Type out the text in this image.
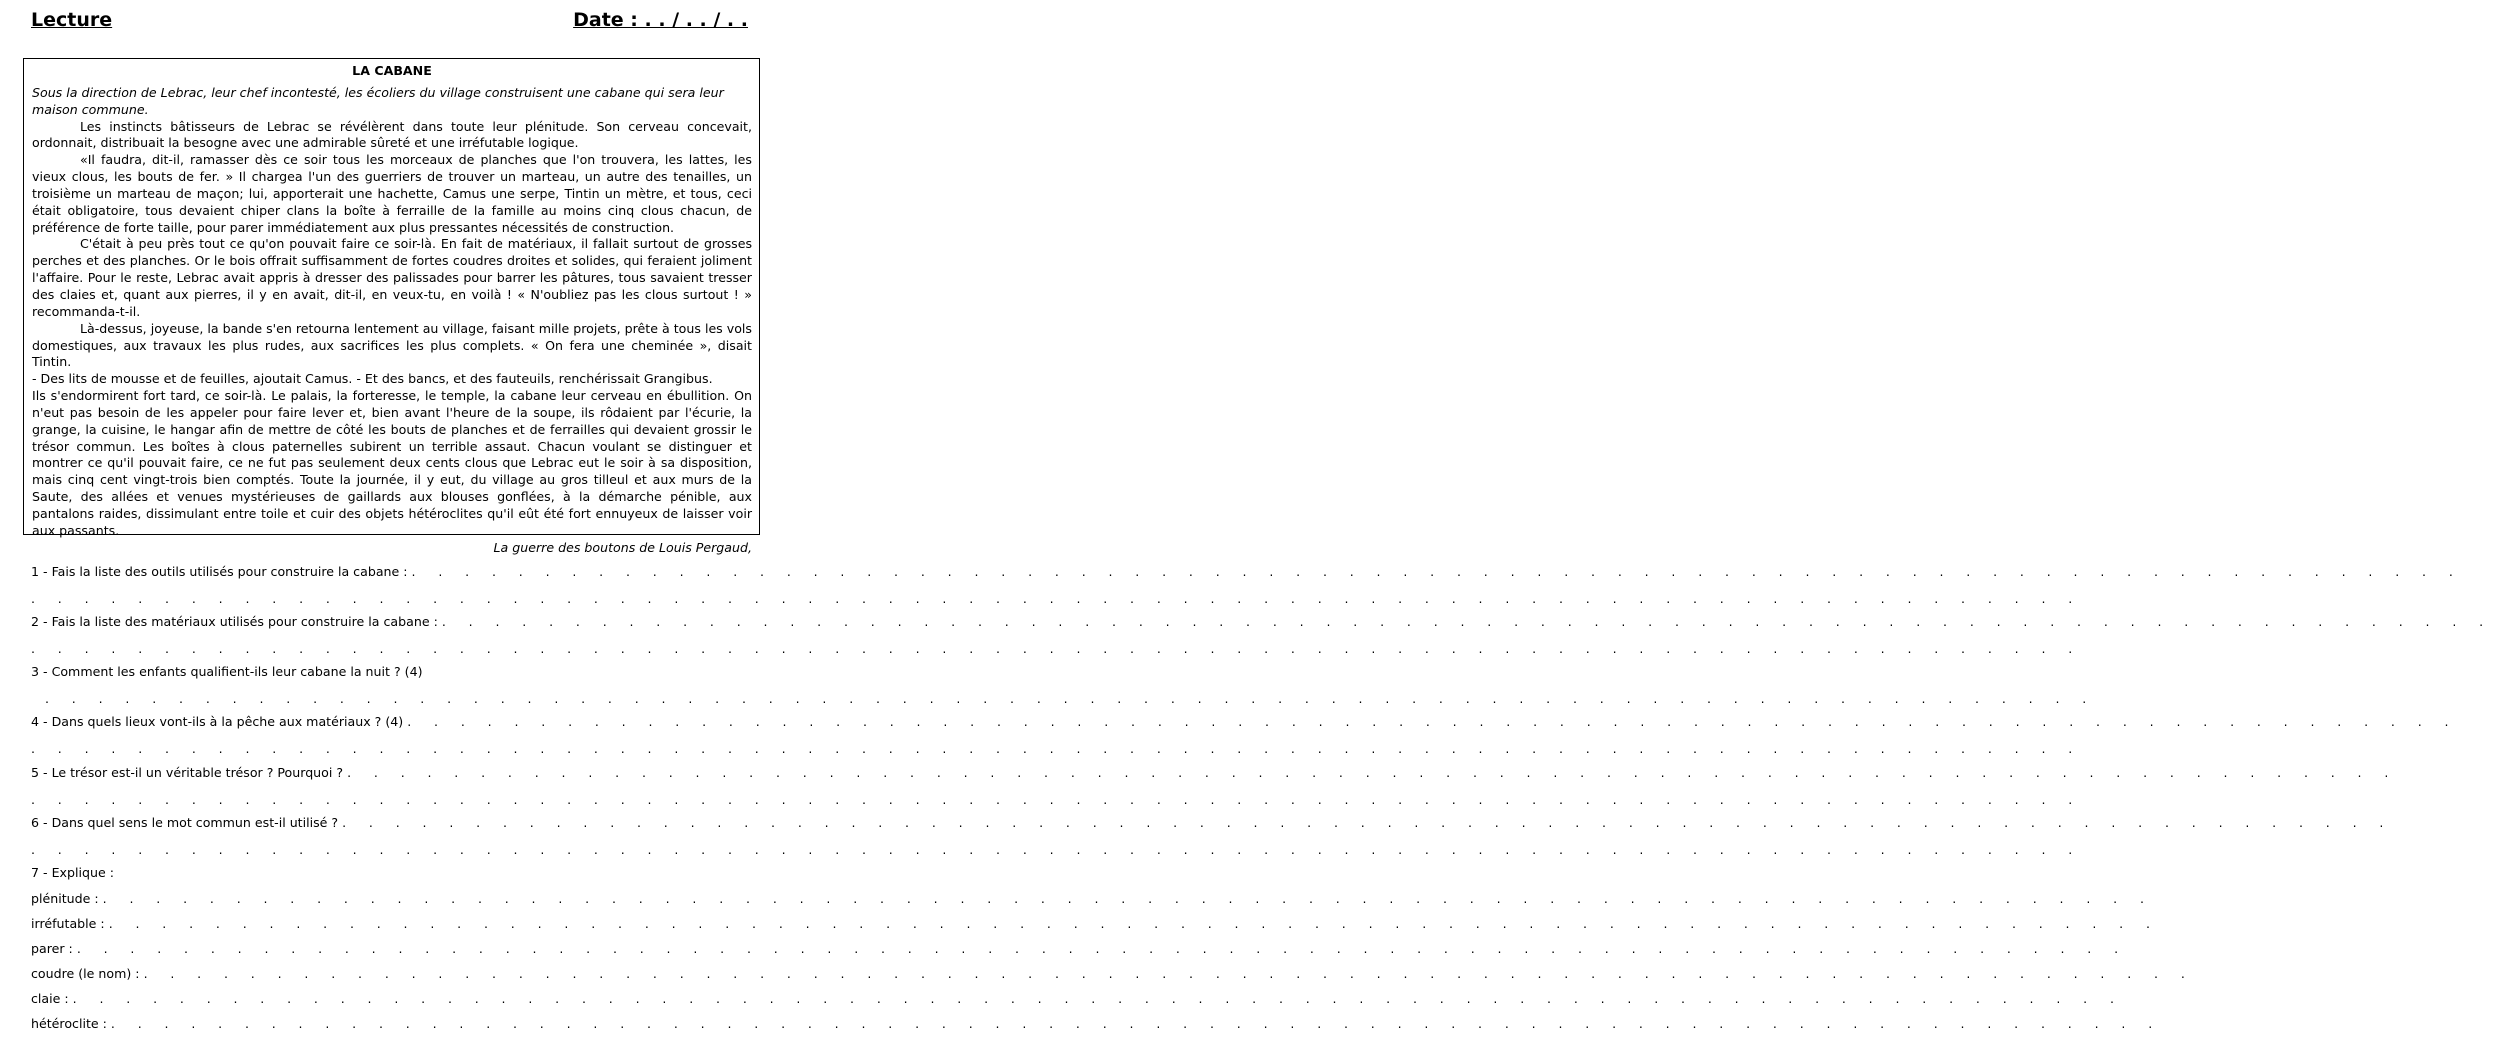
Lecture	Date : . . / . . / . .

LA CABANE

Sous la direction de Lebrac, leur chef incontesté, les écoliers du village construisent une cabane qui sera leur maison commune.

Les instincts bâtisseurs de Lebrac se révélèrent dans toute leur plénitude. Son cerveau concevait, ordonnait, distribuait la besogne avec une admirable sûreté et une irréfutable logique.

«Il faudra, dit-il, ramasser dès ce soir tous les morceaux de planches que l'on trouvera, les lattes, les vieux clous, les bouts de fer. » Il chargea l'un des guerriers de trouver un marteau, un autre des tenailles, un troisième un marteau de maçon; lui, apporterait une hachette, Camus une serpe, Tintin un mètre, et tous, ceci était obligatoire, tous devaient chiper clans la boîte à ferraille de la famille au moins cinq clous chacun, de préférence de forte taille, pour parer immédiatement aux plus pressantes nécessités de construction.

C'était à peu près tout ce qu'on pouvait faire ce soir-là. En fait de matériaux, il fallait surtout de grosses perches et des planches. Or le bois offrait suffisamment de fortes coudres droites et solides, qui feraient joliment l'affaire. Pour le reste, Lebrac avait appris à dresser des palissades pour barrer les pâtures, tous savaient tresser des claies et, quant aux pierres, il y en avait, dit-il, en veux-tu, en voilà ! « N'oubliez pas les clous surtout ! » recommanda-t-il.

Là-dessus, joyeuse, la bande s'en retourna lentement au village, faisant mille projets, prête à tous les vols domestiques, aux travaux les plus rudes, aux sacrifices les plus complets. « On fera une cheminée », disait Tintin.

- Des lits de mousse et de feuilles, ajoutait Camus. - Et des bancs, et des fauteuils, renchérissait Grangibus.

Ils s'endormirent fort tard, ce soir-là. Le palais, la forteresse, le temple, la cabane leur cerveau en ébullition. On n'eut pas besoin de les appeler pour faire lever et, bien avant l'heure de la soupe, ils rôdaient par l'écurie, la grange, la cuisine, le hangar afin de mettre de côté les bouts de planches et de ferrailles qui devaient grossir le trésor commun. Les boîtes à clous paternelles subirent un terrible assaut. Chacun voulant se distinguer et montrer ce qu'il pouvait faire, ce ne fut pas seulement deux cents clous que Lebrac eut le soir à sa disposition, mais cinq cent vingt-trois bien comptés. Toute la journée, il y eut, du village au gros tilleul et aux murs de la Saute, des allées et venues mystérieuses de gaillards aux blouses gonflées, à la démarche pénible, aux pantalons raides, dissimulant entre toile et cuir des objets hétéroclites qu'il eût été fort ennuyeux de laisser voir aux passants.

La guerre des boutons de Louis Pergaud,

1 - Fais la liste des outils utilisés pour construire la cabane : . . . . . . . . . . . . . . . . . . . . . . . . . . . . . . . . . . . . . . . . . . . . . . . . . . . . . . . . . . . . . . . . . . . . . . . . . . . . .
. . . . . . . . . . . . . . . . . . . . . . . . . . . . . . . . . . . . . . . . . . . . . . . . . . . . . . . . . . . . . . . . . . . . . . . . . . . . .
2 - Fais la liste des matériaux utilisés pour construire la cabane : . . . . . . . . . . . . . . . . . . . . . . . . . . . . . . . . . . . . . . . . . . . . . . . . . . . . . . . . . . . . . . . . . . . . . . . . . . . . .
. . . . . . . . . . . . . . . . . . . . . . . . . . . . . . . . . . . . . . . . . . . . . . . . . . . . . . . . . . . . . . . . . . . . . . . . . . . . .
3 - Comment les enfants qualifient-ils leur cabane la nuit ? (4)
. . . . . . . . . . . . . . . . . . . . . . . . . . . . . . . . . . . . . . . . . . . . . . . . . . . . . . . . . . . . . . . . . . . . . . . . . . . . .
4 - Dans quels lieux vont-ils à la pêche aux matériaux ? (4) . . . . . . . . . . . . . . . . . . . . . . . . . . . . . . . . . . . . . . . . . . . . . . . . . . . . . . . . . . . . . . . . . . . . . . . . . . . . .
. . . . . . . . . . . . . . . . . . . . . . . . . . . . . . . . . . . . . . . . . . . . . . . . . . . . . . . . . . . . . . . . . . . . . . . . . . . . .
5 - Le trésor est-il un véritable trésor ? Pourquoi ? . . . . . . . . . . . . . . . . . . . . . . . . . . . . . . . . . . . . . . . . . . . . . . . . . . . . . . . . . . . . . . . . . . . . . . . . . . . . .
. . . . . . . . . . . . . . . . . . . . . . . . . . . . . . . . . . . . . . . . . . . . . . . . . . . . . . . . . . . . . . . . . . . . . . . . . . . . .
6 - Dans quel sens le mot commun est-il utilisé ? . . . . . . . . . . . . . . . . . . . . . . . . . . . . . . . . . . . . . . . . . . . . . . . . . . . . . . . . . . . . . . . . . . . . . . . . . . . . .
. . . . . . . . . . . . . . . . . . . . . . . . . . . . . . . . . . . . . . . . . . . . . . . . . . . . . . . . . . . . . . . . . . . . . . . . . . . . .
7 - Explique :
plénitude : . . . . . . . . . . . . . . . . . . . . . . . . . . . . . . . . . . . . . . . . . . . . . . . . . . . . . . . . . . . . . . . . . . . . . . . . . . . . .
irréfutable : . . . . . . . . . . . . . . . . . . . . . . . . . . . . . . . . . . . . . . . . . . . . . . . . . . . . . . . . . . . . . . . . . . . . . . . . . . . . .
parer : . . . . . . . . . . . . . . . . . . . . . . . . . . . . . . . . . . . . . . . . . . . . . . . . . . . . . . . . . . . . . . . . . . . . . . . . . . . . .
coudre (le nom) : . . . . . . . . . . . . . . . . . . . . . . . . . . . . . . . . . . . . . . . . . . . . . . . . . . . . . . . . . . . . . . . . . . . . . . . . . . . . .
claie : . . . . . . . . . . . . . . . . . . . . . . . . . . . . . . . . . . . . . . . . . . . . . . . . . . . . . . . . . . . . . . . . . . . . . . . . . . . . .
hétéroclite : . . . . . . . . . . . . . . . . . . . . . . . . . . . . . . . . . . . . . . . . . . . . . . . . . . . . . . . . . . . . . . . . . . . . . . . . . . . . .
